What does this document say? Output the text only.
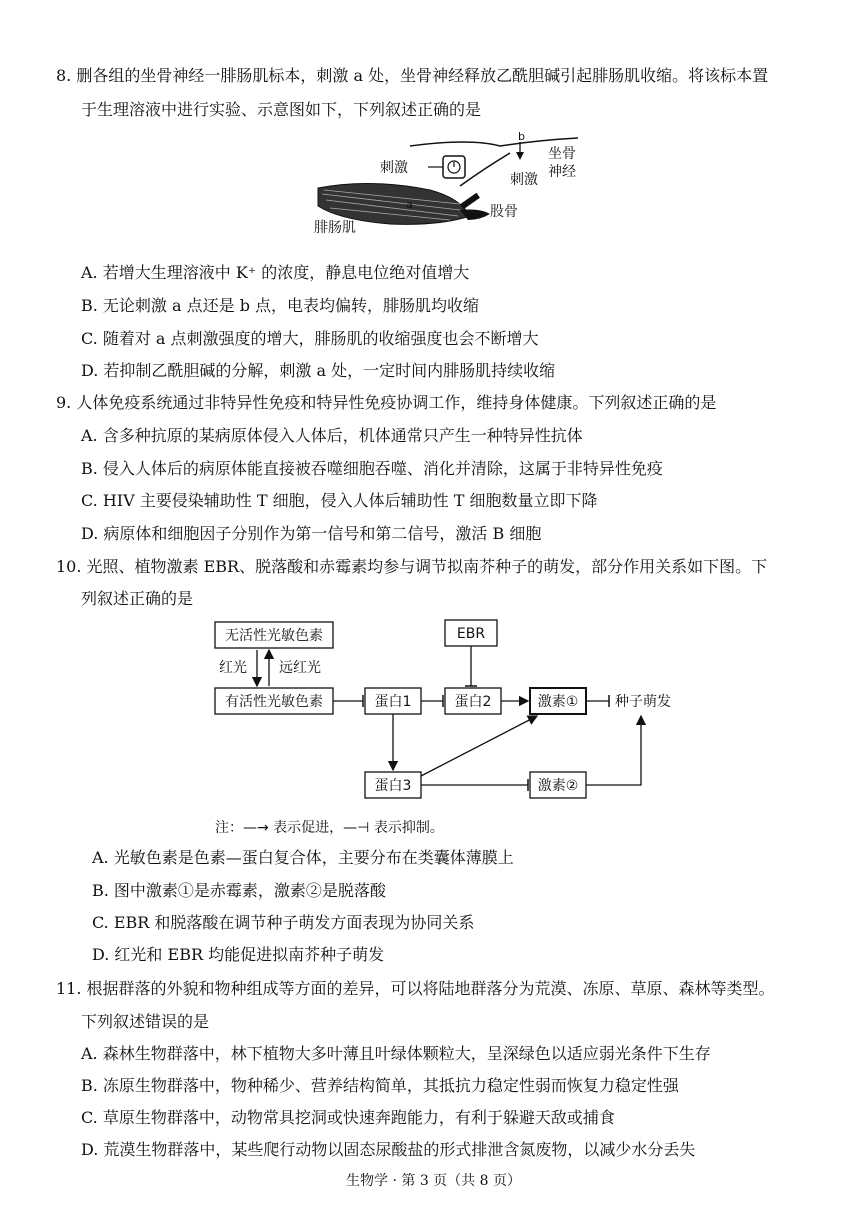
8. 删各组的坐骨神经一腓肠肌标本，刺激 a 处，坐骨神经释放乙酰胆碱引起腓肠肌收缩。将该标本置
于生理溶液中进行实验、示意图如下，下列叙述正确的是
刺激
b
刺激
坐骨
神经
股骨
腓肠肌
a
A. 若增大生理溶液中 K⁺ 的浓度，静息电位绝对值增大
B. 无论刺激 a 点还是 b 点，电表均偏转，腓肠肌均收缩
C. 随着对 a 点刺激强度的增大，腓肠肌的收缩强度也会不断增大
D. 若抑制乙酰胆碱的分解，刺激 a 处，一定时间内腓肠肌持续收缩
9. 人体免疫系统通过非特异性免疫和特异性免疫协调工作，维持身体健康。下列叙述正确的是
A. 含多种抗原的某病原体侵入人体后，机体通常只产生一种特异性抗体
B. 侵入人体后的病原体能直接被吞噬细胞吞噬、消化并清除，这属于非特异性免疫
C. HIV 主要侵染辅助性 T 细胞，侵入人体后辅助性 T 细胞数量立即下降
D. 病原体和细胞因子分别作为第一信号和第二信号，激活 B 细胞
10. 光照、植物激素 EBR、脱落酸和赤霉素均参与调节拟南芥种子的萌发，部分作用关系如下图。下
列叙述正确的是
无活性光敏色素
有活性光敏色素
EBR
蛋白1	蛋白2	激素①	种子萌发
蛋白3	激素②
红光 远红光
注：—→ 表示促进，—⊣ 表示抑制。
A. 光敏色素是色素—蛋白复合体，主要分布在类囊体薄膜上
B. 图中激素①是赤霉素，激素②是脱落酸
C. EBR 和脱落酸在调节种子萌发方面表现为协同关系
D. 红光和 EBR 均能促进拟南芥种子萌发
11. 根据群落的外貌和物种组成等方面的差异，可以将陆地群落分为荒漠、冻原、草原、森林等类型。
下列叙述错误的是
A. 森林生物群落中，林下植物大多叶薄且叶绿体颗粒大，呈深绿色以适应弱光条件下生存
B. 冻原生物群落中，物种稀少、营养结构简单，其抵抗力稳定性弱而恢复力稳定性强
C. 草原生物群落中，动物常具挖洞或快速奔跑能力，有利于躲避天敌或捕食
D. 荒漠生物群落中，某些爬行动物以固态尿酸盐的形式排泄含氮废物，以减少水分丢失
生物学 · 第 3 页（共 8 页）
